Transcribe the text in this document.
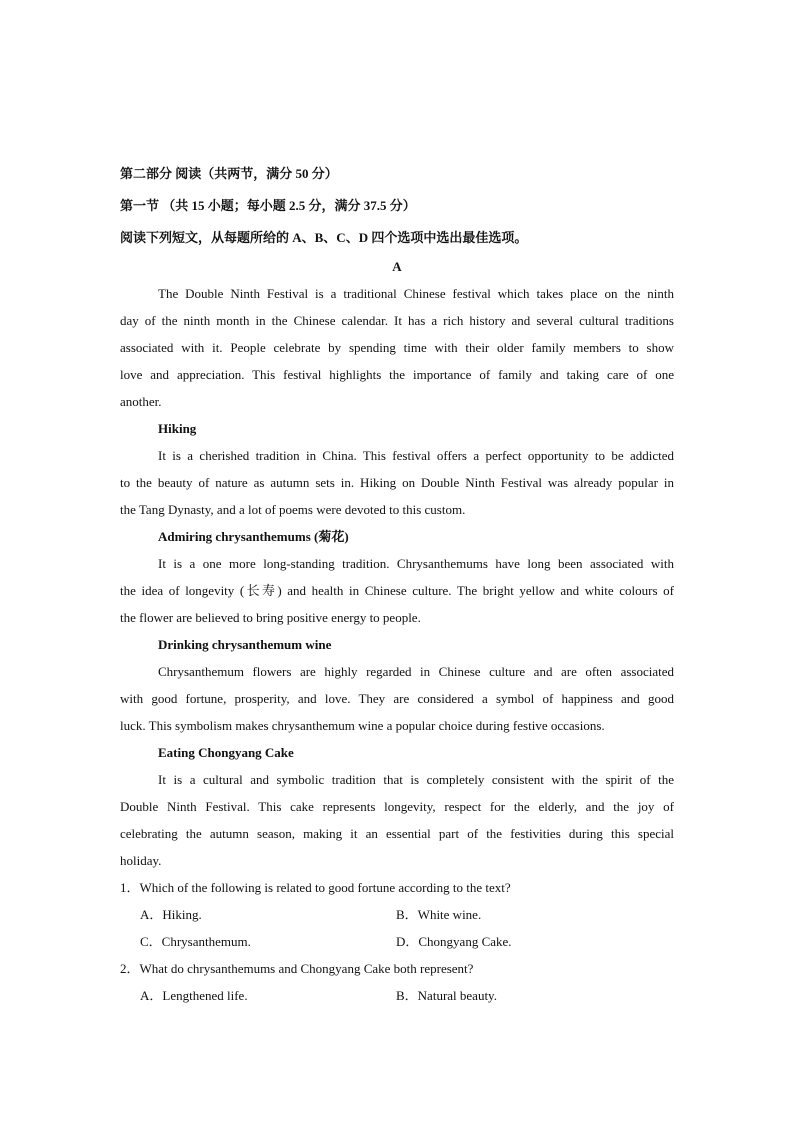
第二部分 阅读（共两节，满分 50 分）
第一节 （共 15 小题；每小题 2.5 分，满分 37.5 分）
阅读下列短文，从每题所给的 A、B、C、D 四个选项中选出最佳选项。
A
The Double Ninth Festival is a traditional Chinese festival which takes place on the ninth
day of the ninth month in the Chinese calendar. It has a rich history and several cultural traditions
associated with it. People celebrate by spending time with their older family members to show
love and appreciation. This festival highlights the importance of family and taking care of one
another.
Hiking
It is a cherished tradition in China. This festival offers a perfect opportunity to be addicted
to the beauty of nature as autumn sets in. Hiking on Double Ninth Festival was already popular in
the Tang Dynasty, and a lot of poems were devoted to this custom.
Admiring chrysanthemums (菊花)
It is a one more long-standing tradition. Chrysanthemums have long been associated with
the idea of longevity (长寿) and health in Chinese culture. The bright yellow and white colours of
the flower are believed to bring positive energy to people.
Drinking chrysanthemum wine
Chrysanthemum flowers are highly regarded in Chinese culture and are often associated
with good fortune, prosperity, and love. They are considered a symbol of happiness and good
luck. This symbolism makes chrysanthemum wine a popular choice during festive occasions.
Eating Chongyang Cake
It is a cultural and symbolic tradition that is completely consistent with the spirit of the
Double Ninth Festival. This cake represents longevity, respect for the elderly, and the joy of
celebrating the autumn season, making it an essential part of the festivities during this special
holiday.
1．Which of the following is related to good fortune according to the text?
A．Hiking.	B．White wine.
C．Chrysanthemum.	D．Chongyang Cake.
2．What do chrysanthemums and Chongyang Cake both represent?
A．Lengthened life.	B．Natural beauty.
